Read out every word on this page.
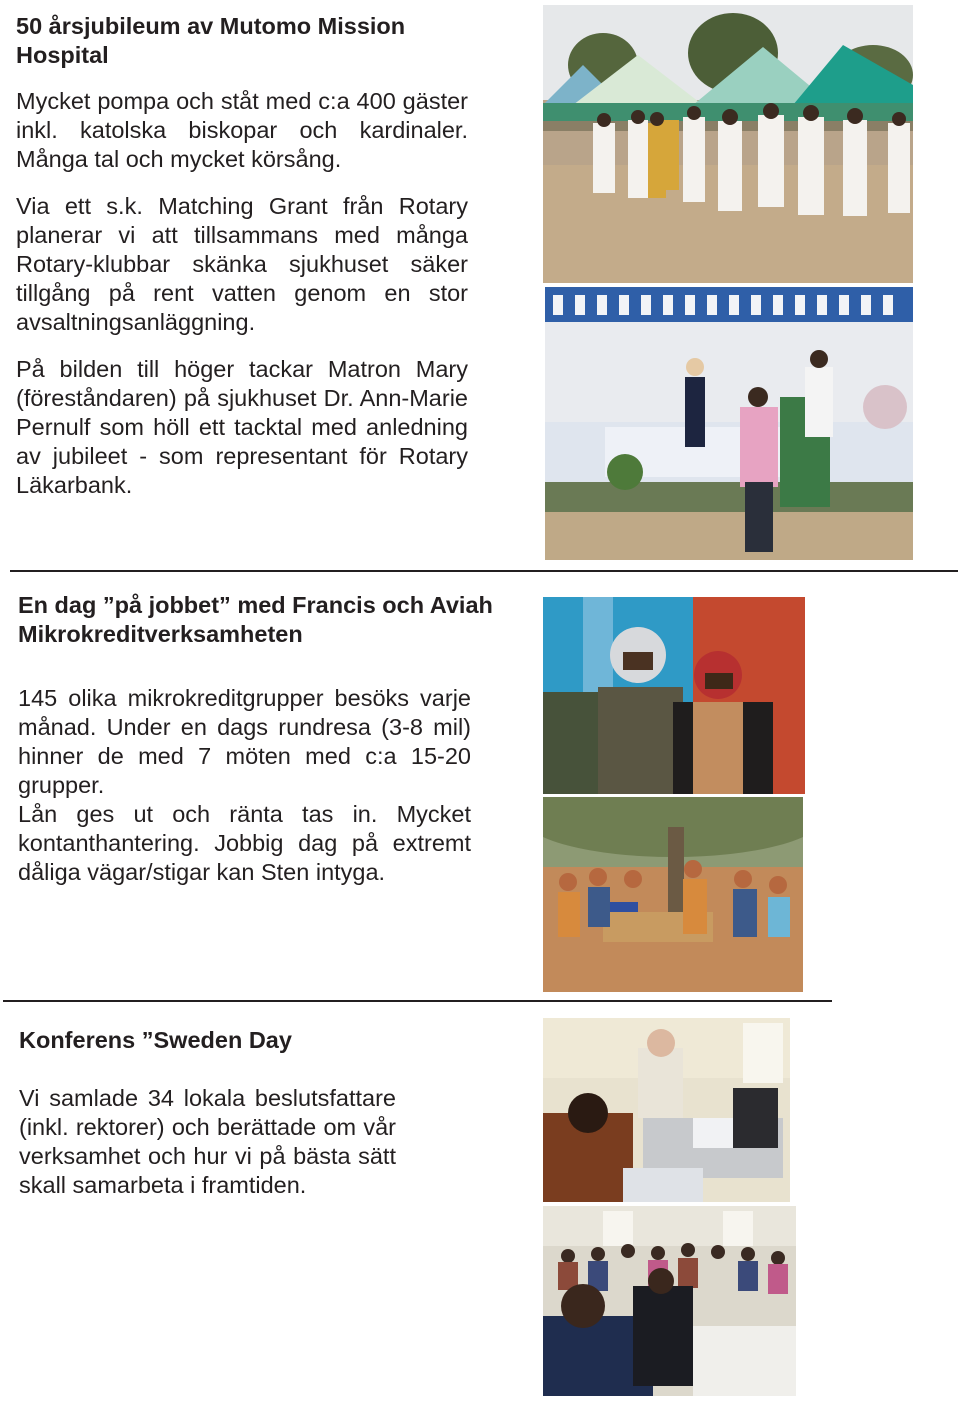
50 årsjubileum av Mutomo Mission Hospital

Mycket pompa och ståt med c:a 400 gäster inkl. katolska biskopar och kardinaler. Många tal och mycket körsång.

Via ett s.k. Matching Grant från Rotary planerar vi att tillsammans med många Rotary-klubbar skänka sjukhuset säker tillgång på rent vatten genom en stor avsaltningsanläggning.

På bilden till höger tackar Matron Mary (föreståndaren) på sjukhuset Dr. Ann-Marie Pernulf som höll ett tacktal med anledning av jubileet - som representant för Rotary Läkarbank.

En dag ”på jobbet” med Francis och Aviah Mikrokreditverksamheten

145 olika mikrokreditgrupper besöks varje månad. Under en dags rundresa (3-8 mil) hinner de med 7 möten med c:a 15-20 grupper.

Lån ges ut och ränta tas in. Mycket kontanthantering. Jobbig dag på extremt dåliga vägar/stigar kan Sten intyga.

Konferens ”Sweden Day

Vi samlade 34 lokala beslutsfattare (inkl. rektorer) och berättade om vår verksamhet och hur vi på bästa sätt skall samarbeta i framtiden.
